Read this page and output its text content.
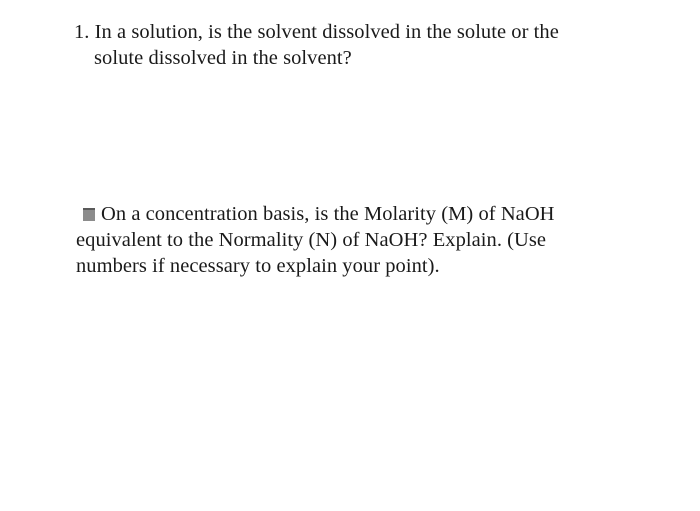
1. In a solution, is the solvent dissolved in the solute or the
solute dissolved in the solvent?
On a concentration basis, is the Molarity (M) of NaOH
equivalent to the Normality (N) of NaOH? Explain. (Use
numbers if necessary to explain your point).
